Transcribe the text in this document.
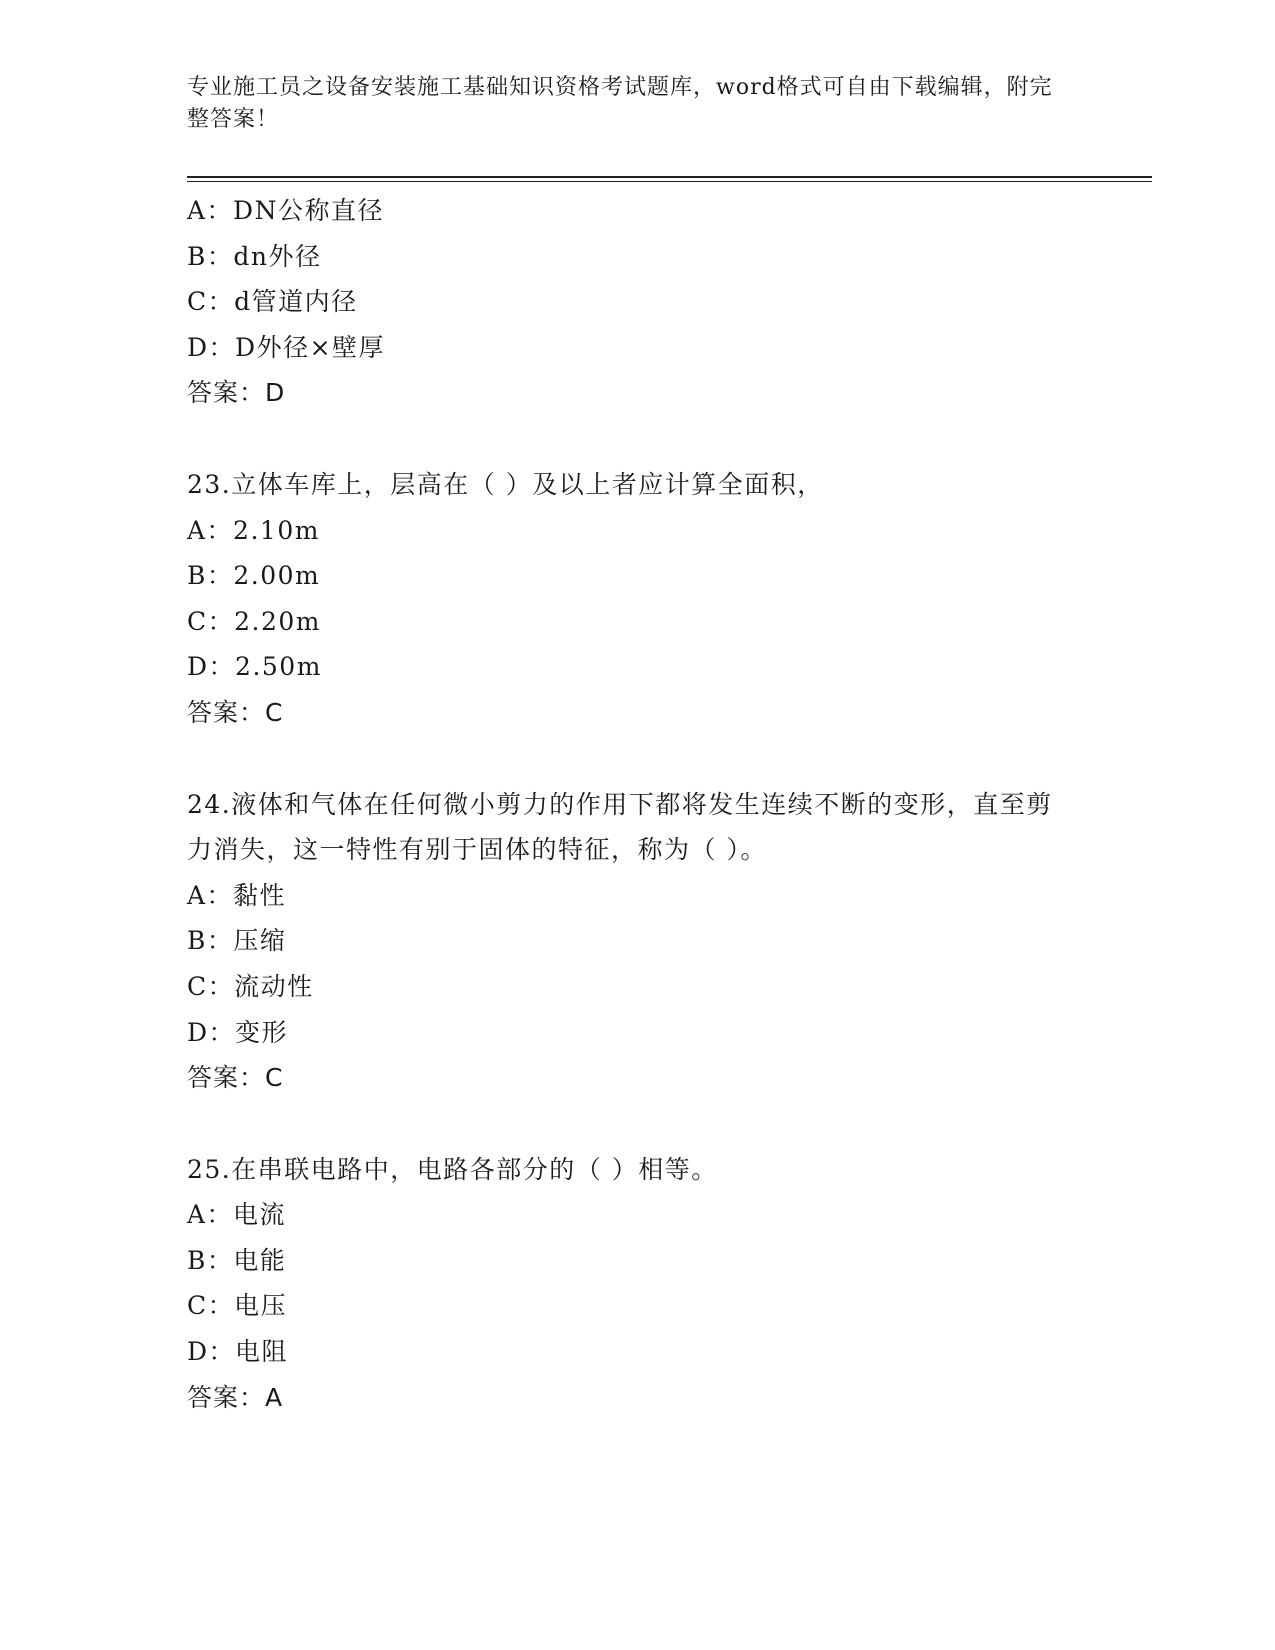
专业施工员之设备安装施工基础知识资格考试题库，word格式可自由下载编辑，附完整答案！
A：DN公称直径
B：dn外径
C：d管道内径
D：D外径×壁厚
答案：D
23.立体车库上，层高在（ ）及以上者应计算全面积，
A：2.10m
B：2.00m
C：2.20m
D：2.50m
答案：C
24.液体和气体在任何微小剪力的作用下都将发生连续不断的变形，直至剪力消失，这一特性有别于固体的特征，称为（ ）。
A：黏性
B：压缩
C：流动性
D：变形
答案：C
25.在串联电路中，电路各部分的（ ）相等。
A：电流
B：电能
C：电压
D：电阻
答案：A
